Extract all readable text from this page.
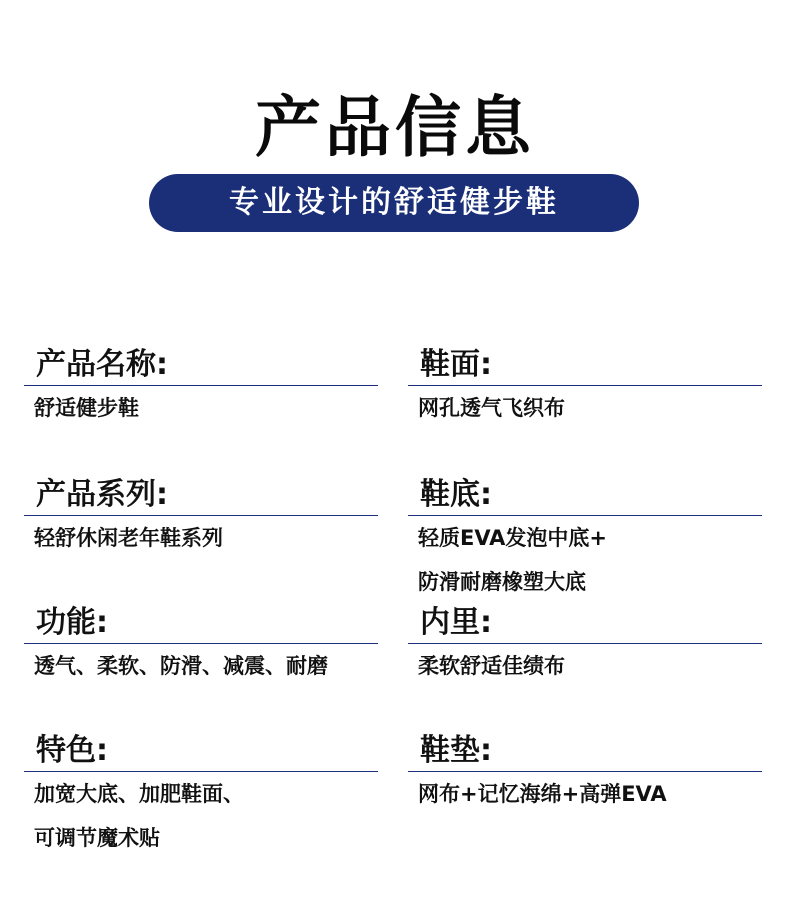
产品信息
专业设计的舒适健步鞋
产品名称:
舒适健步鞋
鞋面:
网孔透气飞织布
产品系列:
轻舒休闲老年鞋系列
鞋底:
轻质EVA发泡中底+
防滑耐磨橡塑大底
功能:
透气、柔软、防滑、减震、耐磨
内里:
柔软舒适佳绩布
特色:
加宽大底、加肥鞋面、
可调节魔术贴
鞋垫:
网布+记忆海绵+高弹EVA
